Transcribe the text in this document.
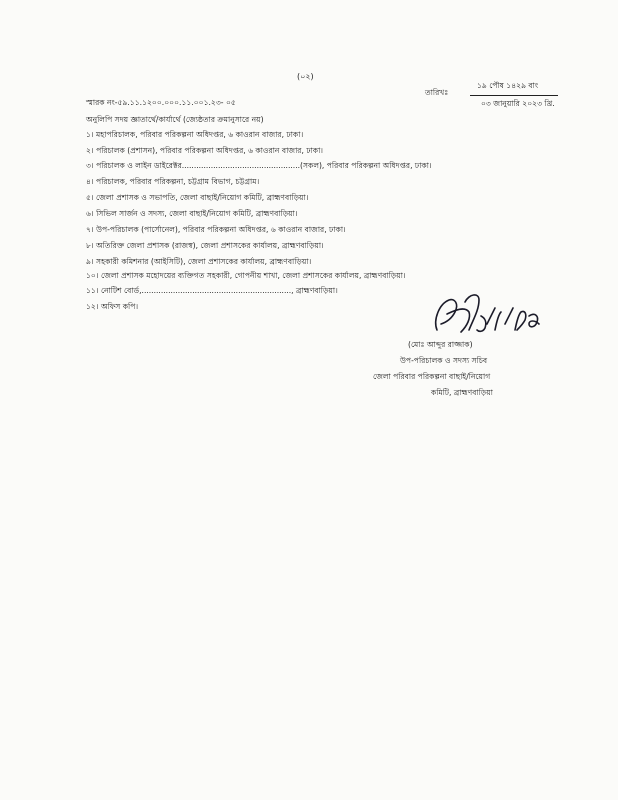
(০২)
তারিখঃ
১৯ পৌষ ১৪২৯ বাং
০৩ জানুয়ারি ২০২৩ খ্রি.
স্মারক নং-৫৯.১১.১২০০.০০০.১১.০০১.২৩- ০৫
অনুলিপি সদয় জ্ঞাতার্থে/কার্যার্থে (জ্যেষ্ঠতার ক্রমানুসারে নয়)
১। মহাপরিচালক, পরিবার পরিকল্পনা অধিদপ্তর, ৬ কাওরান বাজার, ঢাকা।
২। পরিচালক (প্রশাসন), পরিবার পরিকল্পনা অধিদপ্তর, ৬ কাওরান বাজার, ঢাকা।
৩। পরিচালক ও লাইন ডাইরেক্টর.................................................(সকল), পরিবার পরিকল্পনা অধিদপ্তর, ঢাকা।
৪। পরিচালক, পরিবার পরিকল্পনা, চট্টগ্রাম বিভাগ, চট্টগ্রাম।
৫। জেলা প্রশাসক ও সভাপতি, জেলা বাছাই/নিয়োগ কমিটি, ব্রাহ্মণবাড়িয়া।
৬। সিভিল সার্জন ও সদস্য, জেলা বাছাই/নিয়োগ কমিটি, ব্রাহ্মণবাড়িয়া।
৭। উপ-পরিচালক (পার্সোনেল), পরিবার পরিকল্পনা অধিদপ্তর, ৬ কাওরান বাজার, ঢাকা।
৮। অতিরিক্ত জেলা প্রশাসক (রাজস্ব), জেলা প্রশাসকের কার্যালয়, ব্রাহ্মণবাড়িয়া।
৯। সহকারী কমিশনার (আইসিটি), জেলা প্রশাসকের কার্যালয়, ব্রাহ্মণবাড়িয়া।
১০। জেলা প্রশাসক মহোদয়ের ব্যক্তিগত সহকারী, গোপনীয় শাখা, জেলা প্রশাসকের কার্যালয়, ব্রাহ্মণবাড়িয়া।
১১। নোটিশ বোর্ড,.............................................................., ব্রাহ্মণবাড়িয়া।
১২। অফিস কপি।
(মোঃ আব্দুর রাজ্জাক)
উপ-পরিচালক ও সদস্য সচিব
জেলা পরিবার পরিকল্পনা বাছাই/নিয়োগ
কমিটি, ব্রাহ্মণবাড়িয়া
